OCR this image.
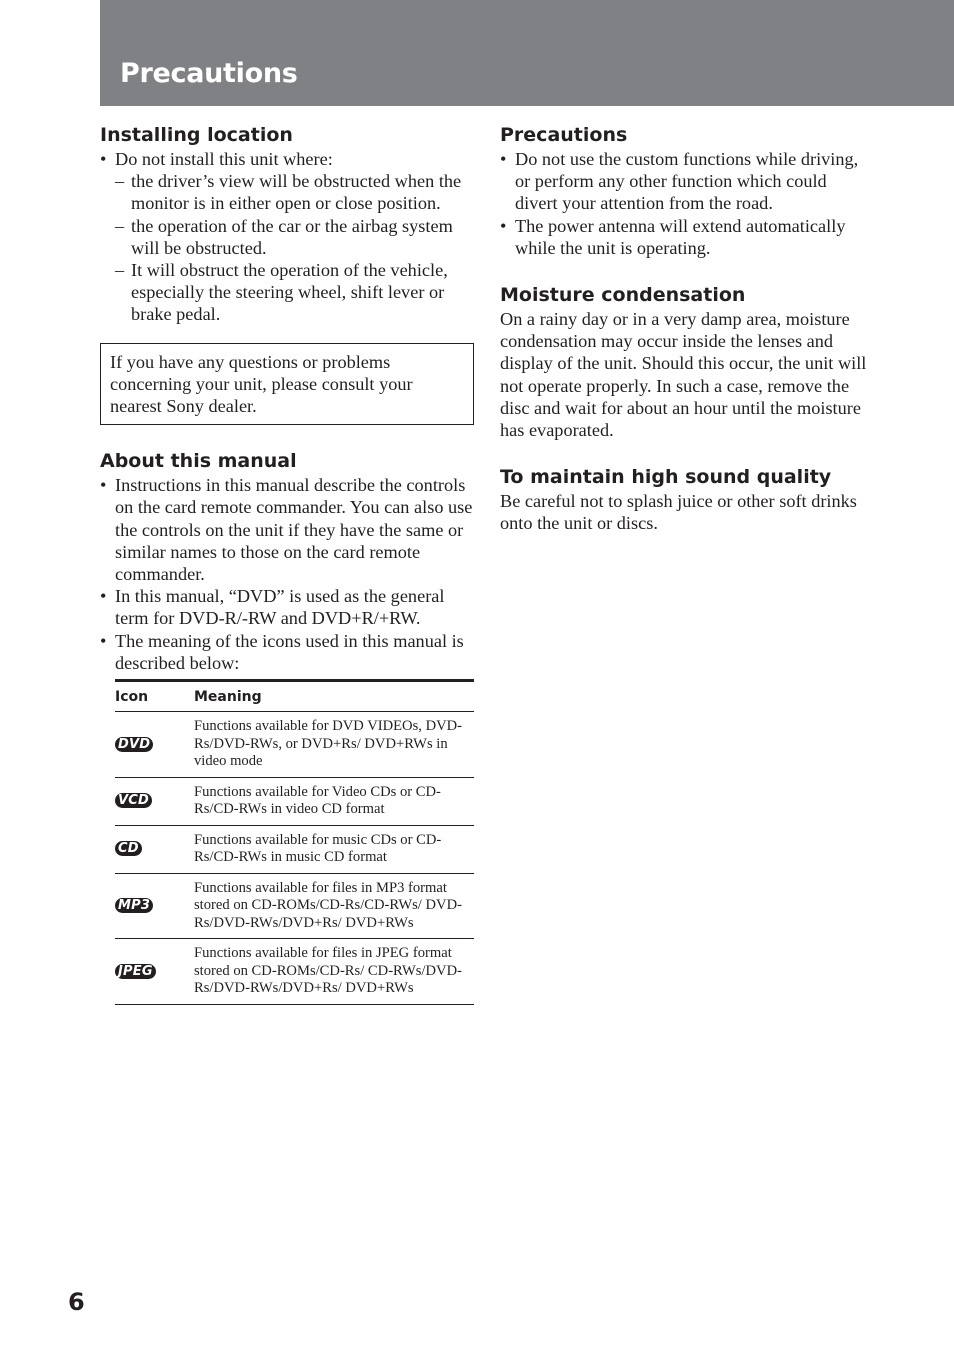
Precautions
Installing location
• Do not install this unit where:
– the driver’s view will be obstructed when the monitor is in either open or close position.
– the operation of the car or the airbag system will be obstructed.
– It will obstruct the operation of the vehicle, especially the steering wheel, shift lever or brake pedal.
If you have any questions or problems concerning your unit, please consult your nearest Sony dealer.
About this manual
• Instructions in this manual describe the controls on the card remote commander. You can also use the controls on the unit if they have the same or similar names to those on the card remote commander.
• In this manual, “DVD” is used as the general term for DVD-R/-RW and DVD+R/+RW.
• The meaning of the icons used in this manual is described below:
Icon	Meaning
DVD	Functions available for DVD VIDEOs, DVD-Rs/DVD-RWs, or DVD+Rs/ DVD+RWs in video mode
VCD	Functions available for Video CDs or CD-Rs/CD-RWs in video CD format
CD	Functions available for music CDs or CD-Rs/CD-RWs in music CD format
MP3	Functions available for files in MP3 format stored on CD-ROMs/CD-Rs/CD-RWs/ DVD-Rs/DVD-RWs/DVD+Rs/ DVD+RWs
JPEG	Functions available for files in JPEG format stored on CD-ROMs/CD-Rs/ CD-RWs/DVD-Rs/DVD-RWs/DVD+Rs/ DVD+RWs
Precautions
• Do not use the custom functions while driving, or perform any other function which could divert your attention from the road.
• The power antenna will extend automatically while the unit is operating.
Moisture condensation

On a rainy day or in a very damp area, moisture condensation may occur inside the lenses and display of the unit. Should this occur, the unit will not operate properly. In such a case, remove the disc and wait for about an hour until the moisture has evaporated.

To maintain high sound quality

Be careful not to splash juice or other soft drinks onto the unit or discs.

6
